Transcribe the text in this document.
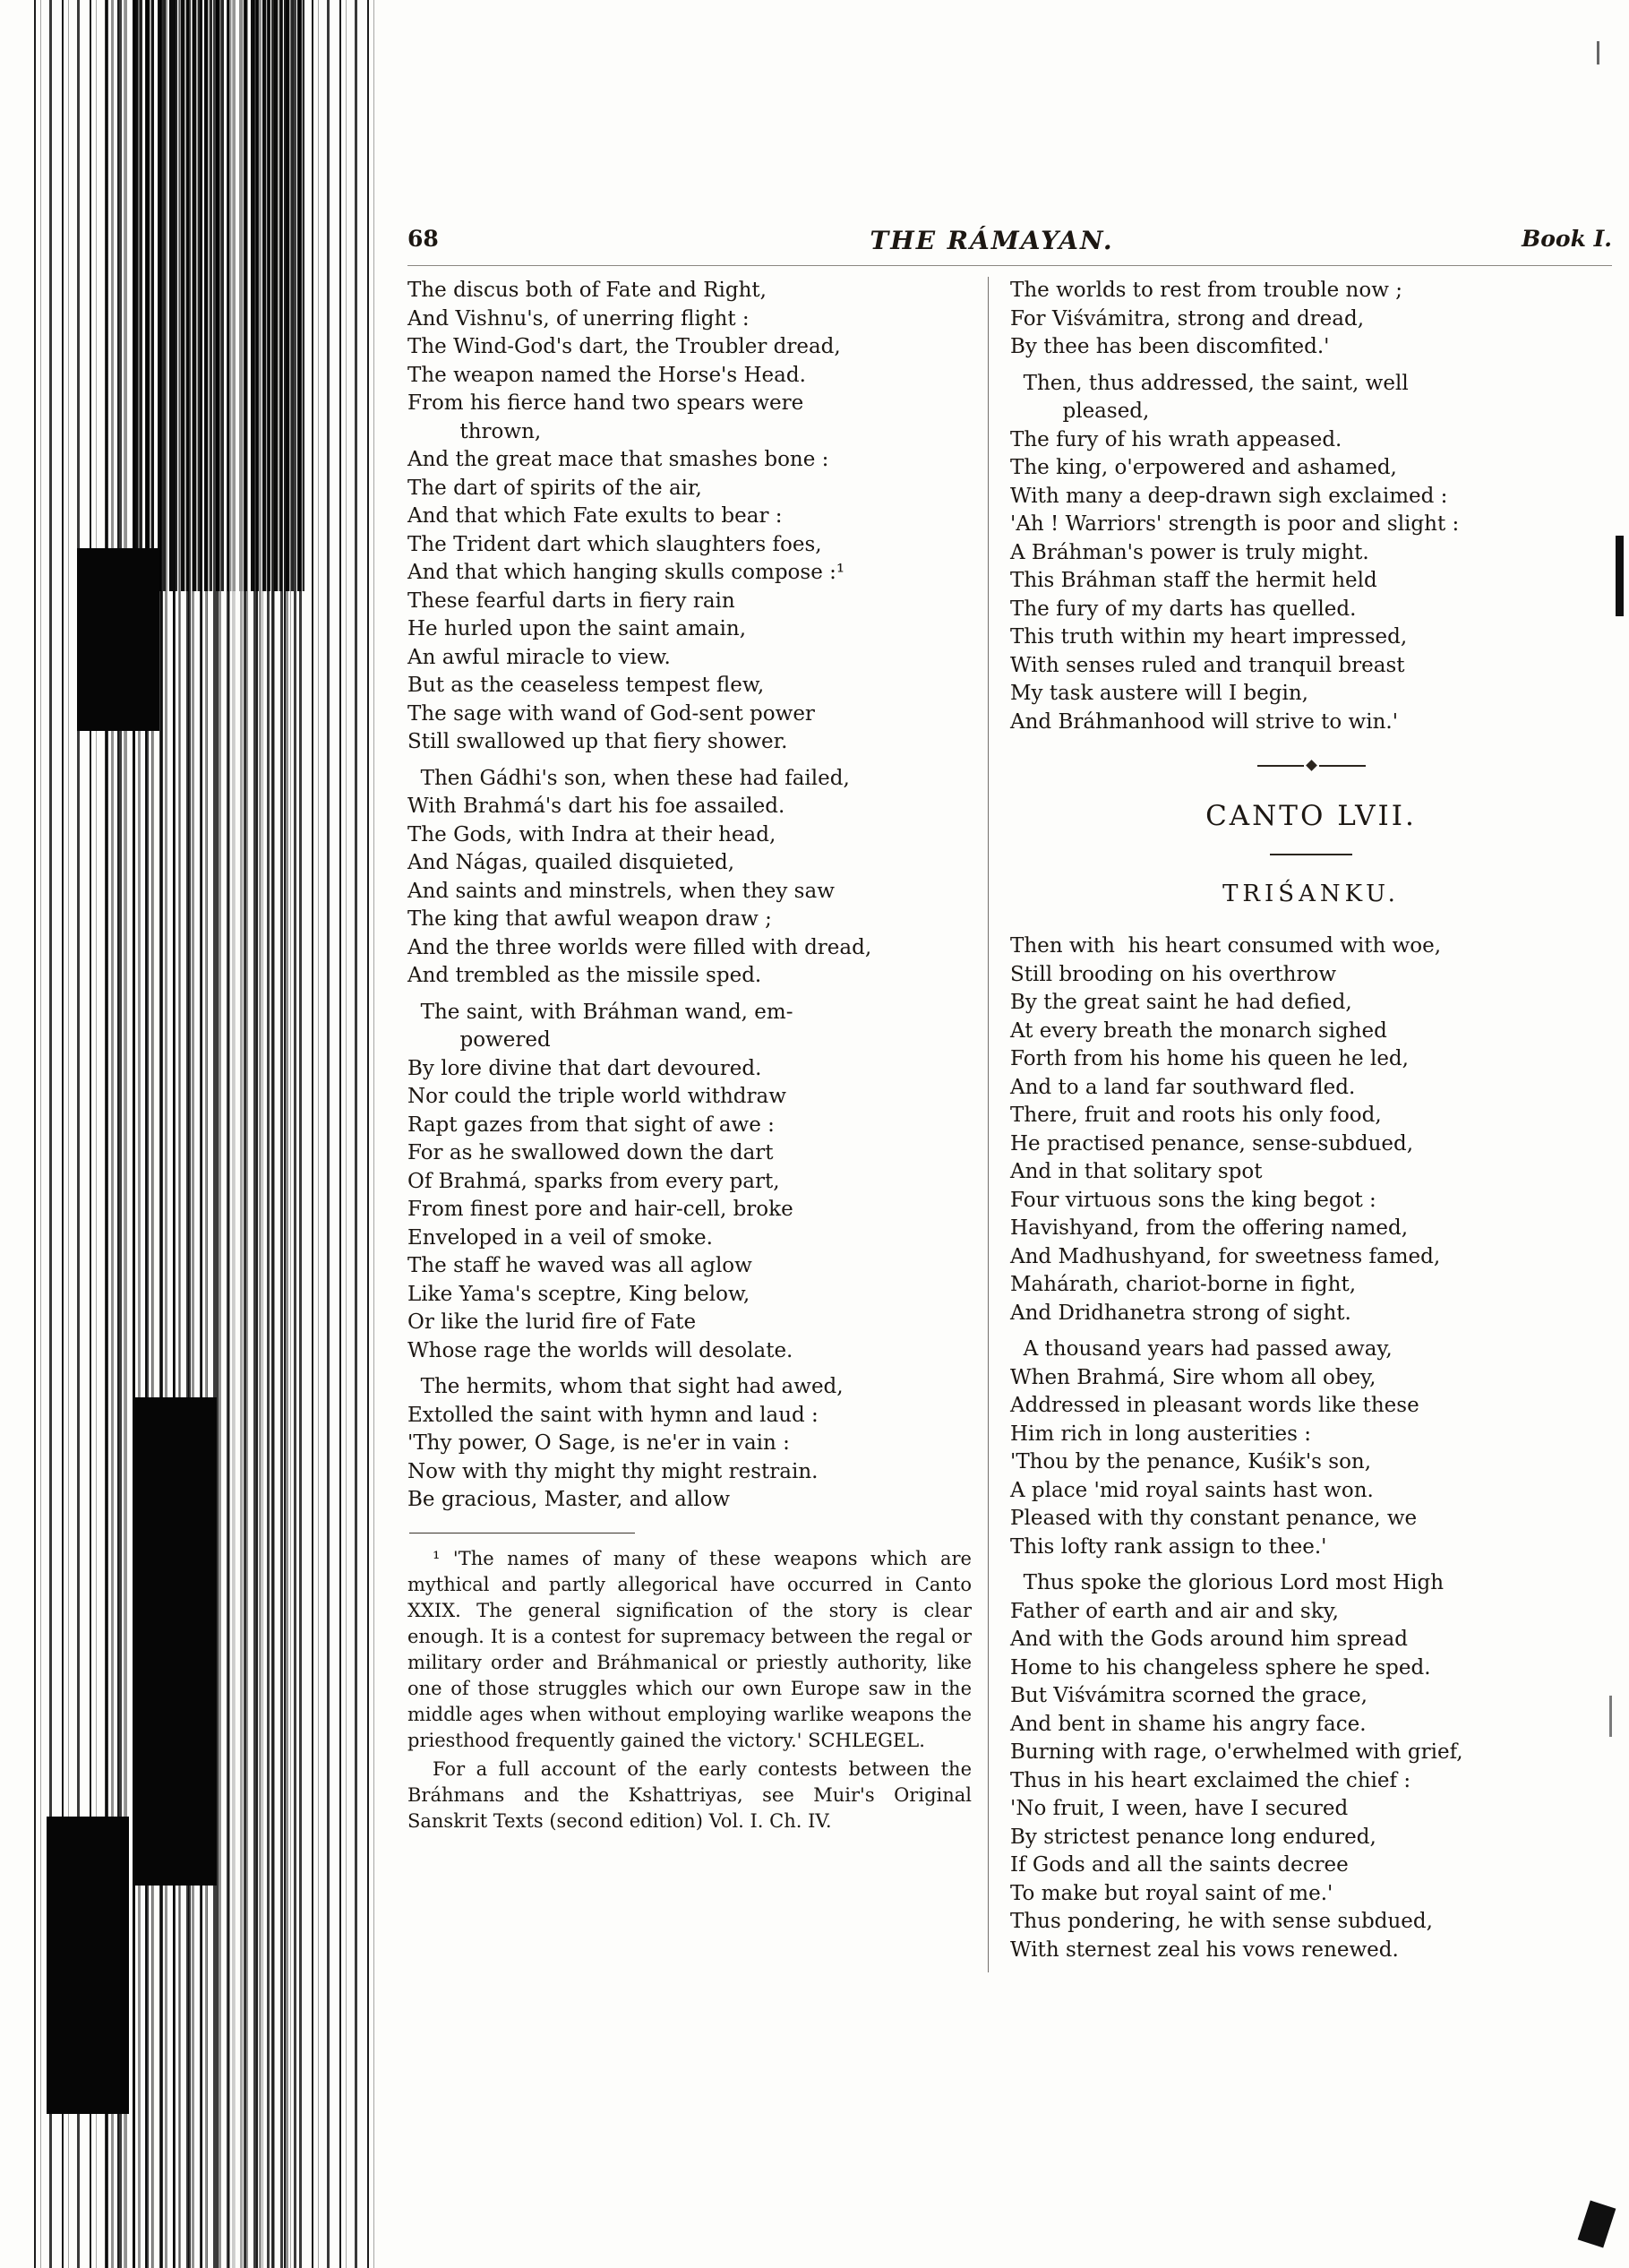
68	THE RÁMAYAN.	Book I.
The discus both of Fate and Right,
And Vishnu's, of unerring flight :
The Wind-God's dart, the Troubler dread,
The weapon named the Horse's Head.
From his fierce hand two spears were
thrown,
And the great mace that smashes bone :
The dart of spirits of the air,
And that which Fate exults to bear :
The Trident dart which slaughters foes,
And that which hanging skulls compose :¹
These fearful darts in fiery rain
He hurled upon the saint amain,
An awful miracle to view.
But as the ceaseless tempest flew,
The sage with wand of God-sent power
Still swallowed up that fiery shower.
Then Gádhi's son, when these had failed,
With Brahmá's dart his foe assailed.
The Gods, with Indra at their head,
And Nágas, quailed disquieted,
And saints and minstrels, when they saw
The king that awful weapon draw ;
And the three worlds were filled with dread,
And trembled as the missile sped.
The saint, with Bráhman wand, em-
powered
By lore divine that dart devoured.
Nor could the triple world withdraw
Rapt gazes from that sight of awe :
For as he swallowed down the dart
Of Brahmá, sparks from every part,
From finest pore and hair-cell, broke
Enveloped in a veil of smoke.
The staff he waved was all aglow
Like Yama's sceptre, King below,
Or like the lurid fire of Fate
Whose rage the worlds will desolate.
The hermits, whom that sight had awed,
Extolled the saint with hymn and laud :
'Thy power, O Sage, is ne'er in vain :
Now with thy might thy might restrain.
Be gracious, Master, and allow

¹ 'The names of many of these weapons which are mythical and partly allegorical have occurred in Canto XXIX. The general signification of the story is clear enough. It is a contest for supremacy between the regal or military order and Bráhmanical or priestly authority, like one of those struggles which our own Europe saw in the middle ages when without employing warlike weapons the priesthood frequently gained the victory.' SCHLEGEL.

For a full account of the early contests between the Bráhmans and the Kshattriyas, see Muir's Original Sanskrit Texts (second edition) Vol. I. Ch. IV.

The worlds to rest from trouble now ;
For Viśvámitra, strong and dread,
By thee has been discomfited.'
Then, thus addressed, the saint, well
pleased,
The fury of his wrath appeased.
The king, o'erpowered and ashamed,
With many a deep-drawn sigh exclaimed :
'Ah ! Warriors' strength is poor and slight :
A Bráhman's power is truly might.
This Bráhman staff the hermit held
The fury of my darts has quelled.
This truth within my heart impressed,
With senses ruled and tranquil breast
My task austere will I begin,
And Bráhmanhood will strive to win.'
CANTO LVII.
TRIŚANKU.
Then with  his heart consumed with woe,
Still brooding on his overthrow
By the great saint he had defied,
At every breath the monarch sighed
Forth from his home his queen he led,
And to a land far southward fled.
There, fruit and roots his only food,
He practised penance, sense-subdued,
And in that solitary spot
Four virtuous sons the king begot :
Havishyand, from the offering named,
And Madhushyand, for sweetness famed,
Mahárath, chariot-borne in fight,
And Dridhanetra strong of sight.
A thousand years had passed away,
When Brahmá, Sire whom all obey,
Addressed in pleasant words like these
Him rich in long austerities :
'Thou by the penance, Kuśik's son,
A place 'mid royal saints hast won.
Pleased with thy constant penance, we
This lofty rank assign to thee.'
Thus spoke the glorious Lord most High
Father of earth and air and sky,
And with the Gods around him spread
Home to his changeless sphere he sped.
But Viśvámitra scorned the grace,
And bent in shame his angry face.
Burning with rage, o'erwhelmed with grief,
Thus in his heart exclaimed the chief :
'No fruit, I ween, have I secured
By strictest penance long endured,
If Gods and all the saints decree
To make but royal saint of me.'
Thus pondering, he with sense subdued,
With sternest zeal his vows renewed.
